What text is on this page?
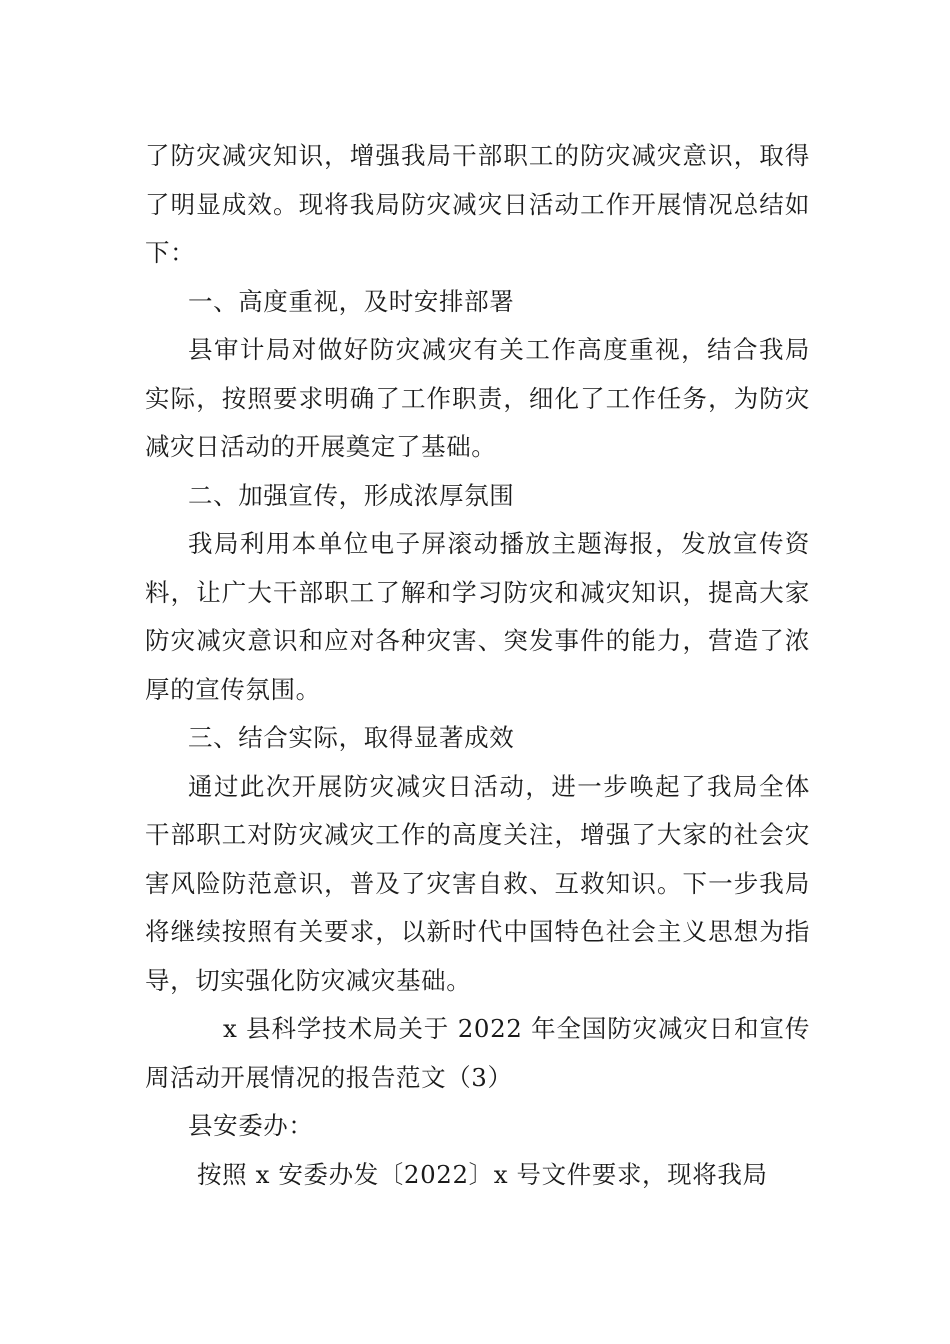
了防灾减灾知识，增强我局干部职工的防灾减灾意识，取得了明显成效。现将我局防灾减灾日活动工作开展情况总结如下：

一、高度重视，及时安排部署

县审计局对做好防灾减灾有关工作高度重视，结合我局实际，按照要求明确了工作职责，细化了工作任务，为防灾减灾日活动的开展奠定了基础。

二、加强宣传，形成浓厚氛围

我局利用本单位电子屏滚动播放主题海报，发放宣传资料，让广大干部职工了解和学习防灾和减灾知识，提高大家防灾减灾意识和应对各种灾害、突发事件的能力，营造了浓厚的宣传氛围。

三、结合实际，取得显著成效

通过此次开展防灾减灾日活动，进一步唤起了我局全体干部职工对防灾减灾工作的高度关注，增强了大家的社会灾害风险防范意识，普及了灾害自救、互救知识。下一步我局将继续按照有关要求，以新时代中国特色社会主义思想为指导，切实强化防灾减灾基础。

x 县科学技术局关于 2022 年全国防灾减灾日和宣传周活动开展情况的报告范文（3）

县安委办：

按照 x 安委办发〔2022〕x 号文件要求，现将我局
